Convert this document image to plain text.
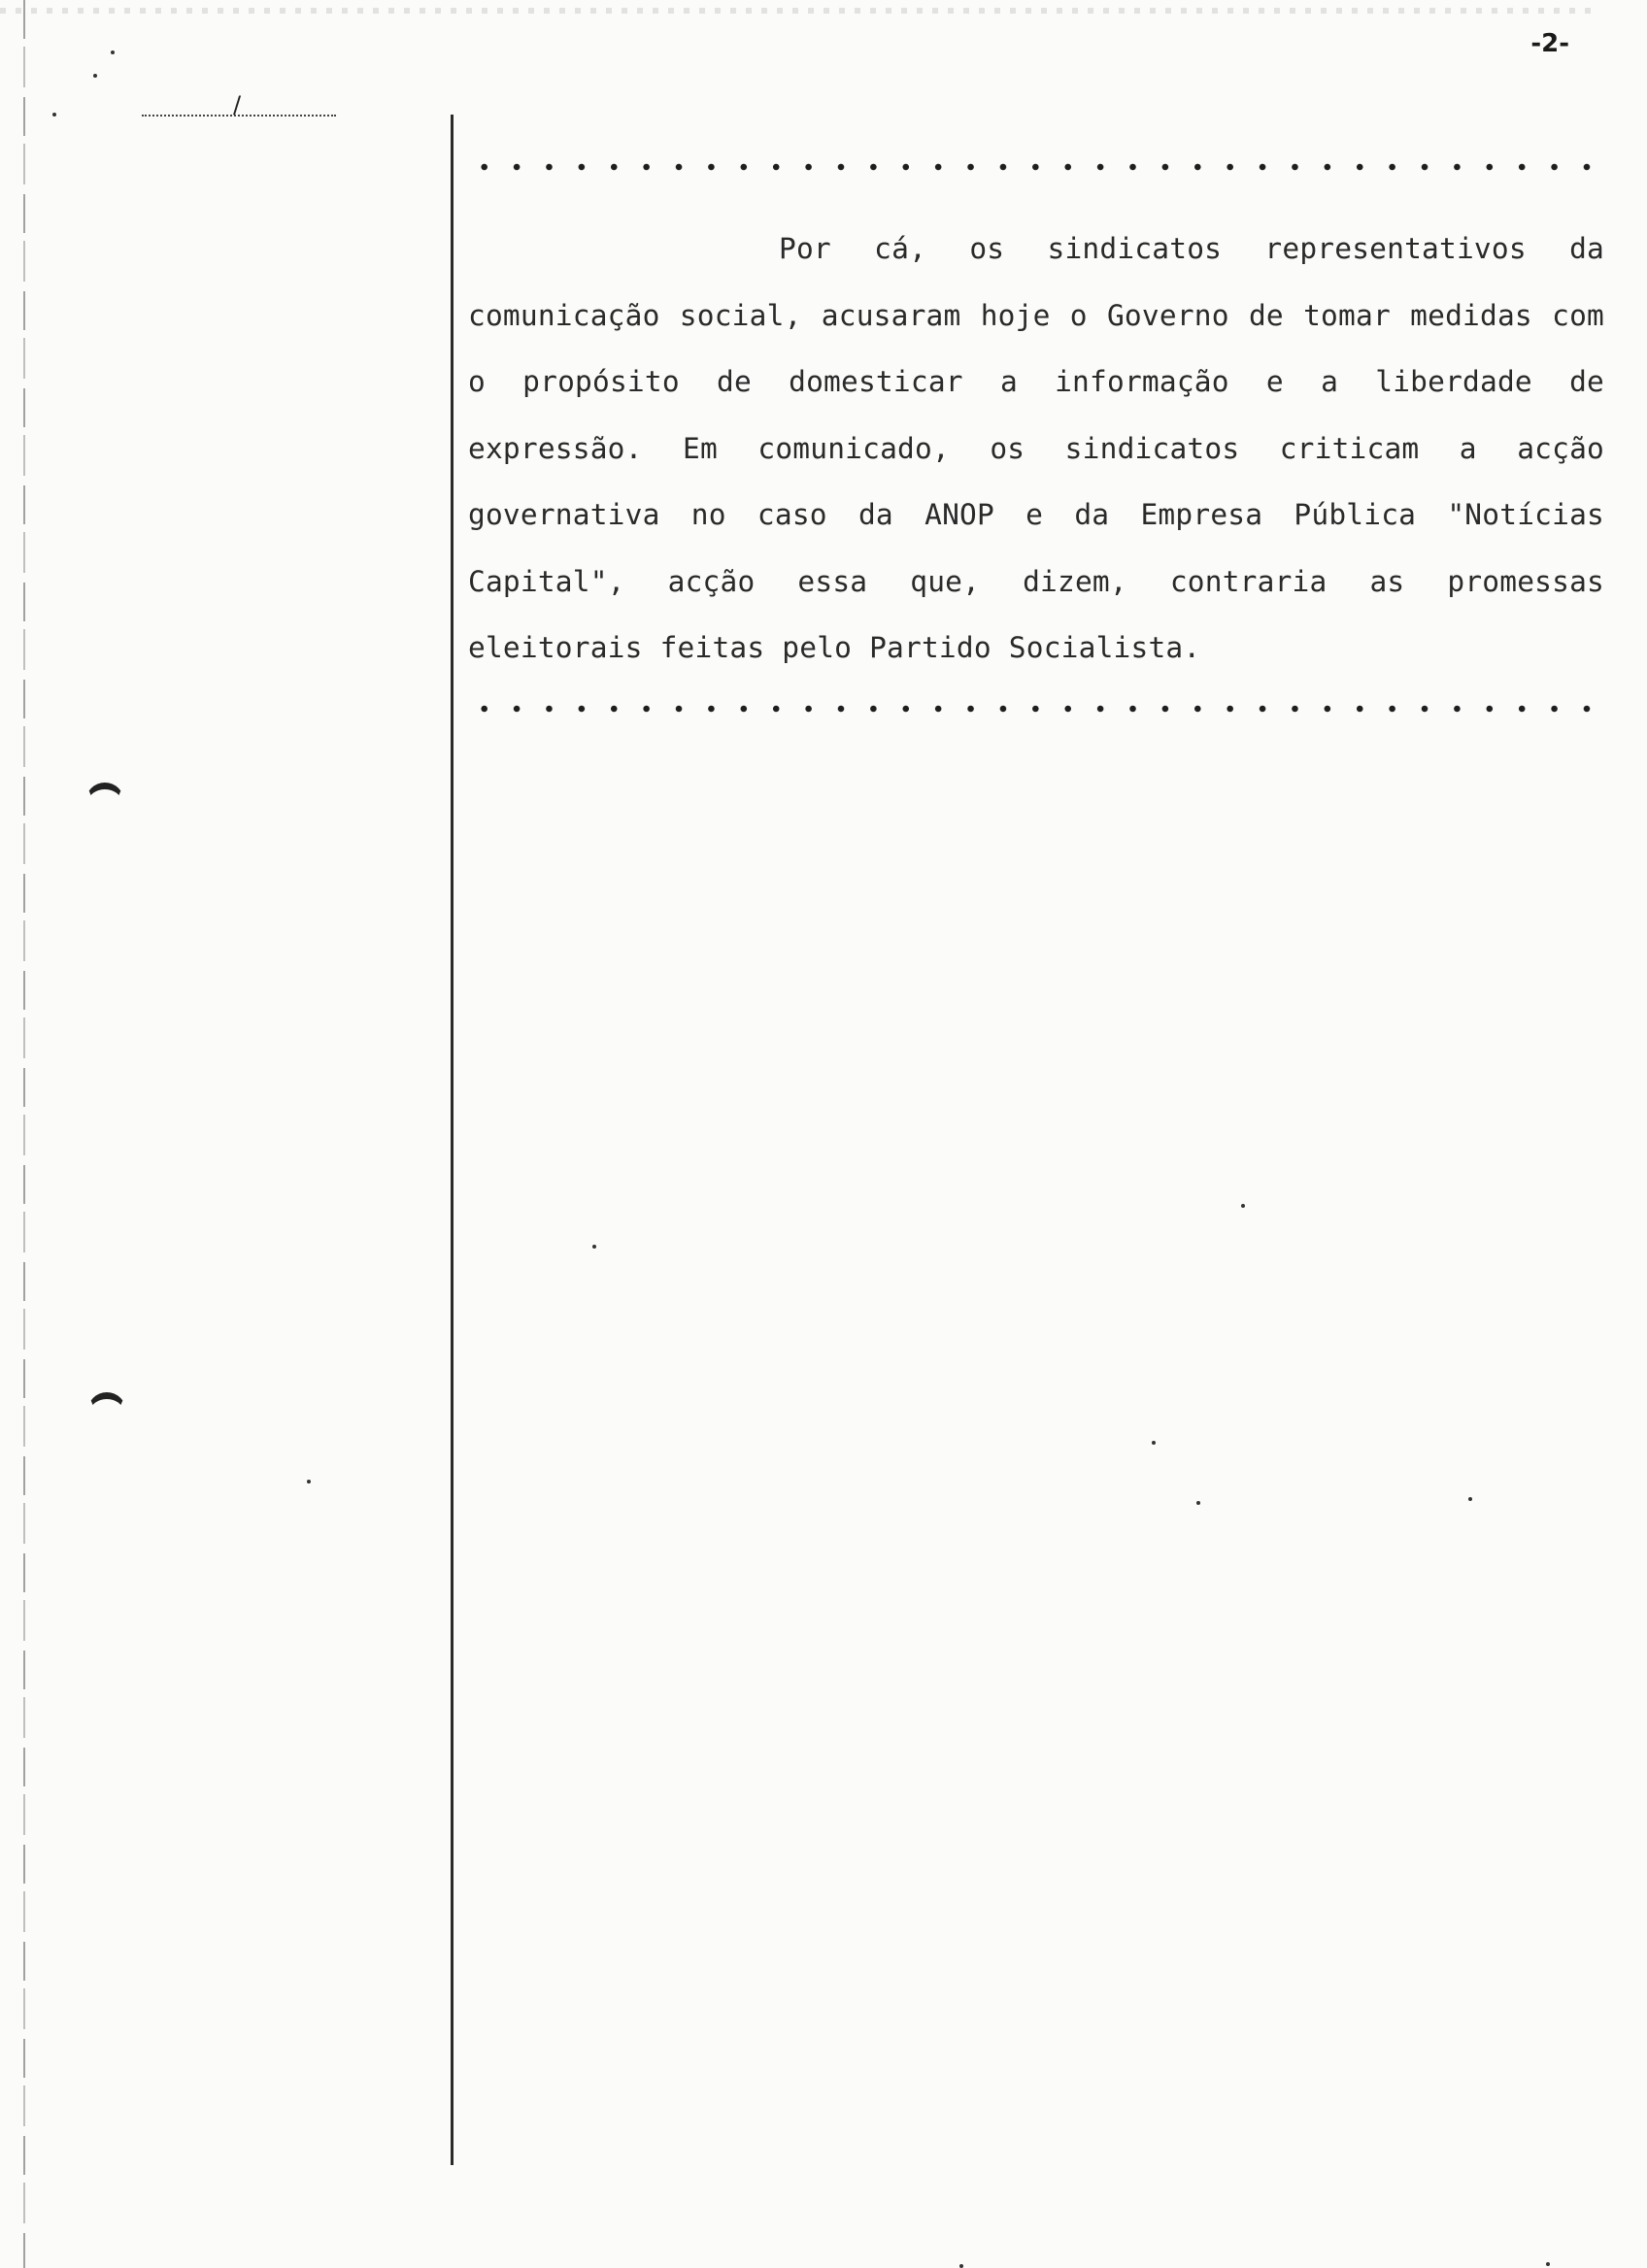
-2-
/

Por cá, os sindicatos representativos da comunicação social, acusaram hoje o Governo de tomar medidas com o propósito de domesticar a informação e a liberdade de expressão. Em comunicado, os sindicatos criticam a acção governativa no caso da ANOP e da Empresa Pública "Notícias Capital", acção essa que, dizem, contraria as promessas eleitorais feitas pelo Partido Socialista.
